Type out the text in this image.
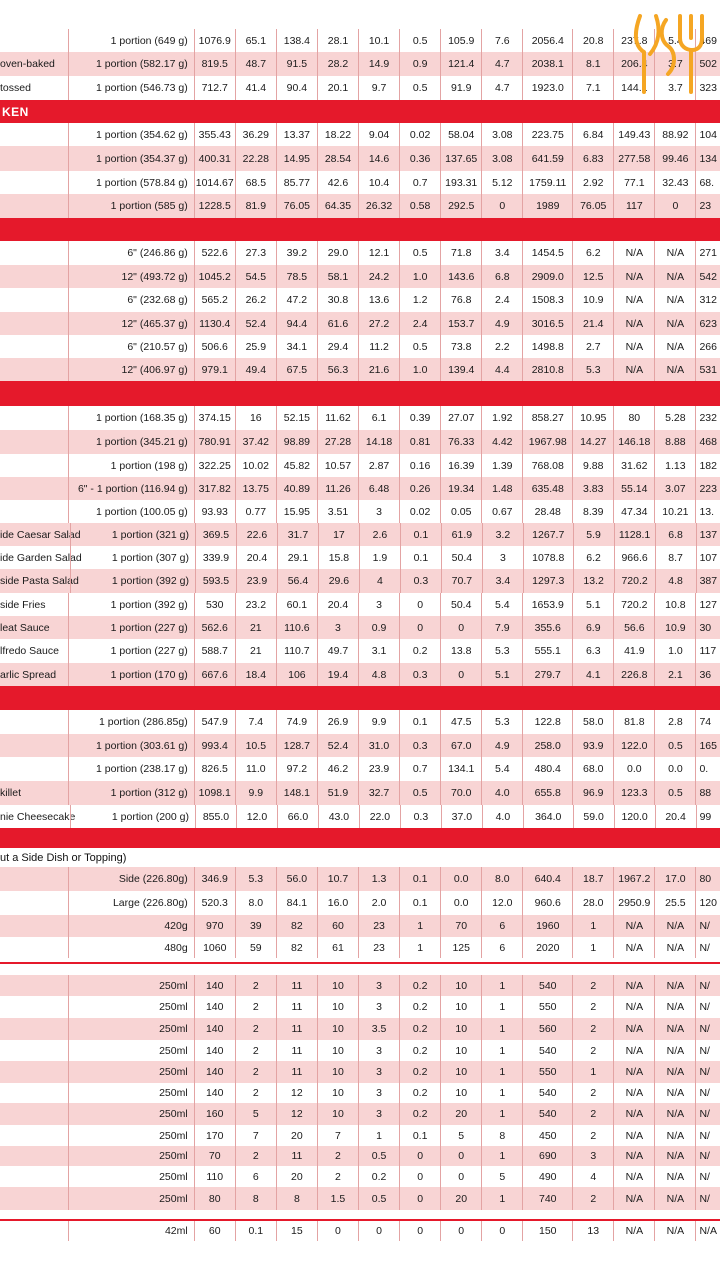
1 portion (649 g)	1076.9	65.1	138.4	28.1	10.1	0.5	105.9	7.6	2056.4	20.8	237.8	5.4	469
oven-baked	1 portion (582.17 g)	819.5	48.7	91.5	28.2	14.9	0.9	121.4	4.7	2038.1	8.1	206.4	3.7	502
tossed	1 portion (546.73 g)	712.7	41.4	90.4	20.1	9.7	0.5	91.9	4.7	1923.0	7.1	144.1	3.7	323
KEN
1 portion (354.62 g)	355.43	36.29	13.37	18.22	9.04	0.02	58.04	3.08	223.75	6.84	149.43	88.92	104
1 portion (354.37 g)	400.31	22.28	14.95	28.54	14.6	0.36	137.65	3.08	641.59	6.83	277.58	99.46	134
1 portion (578.84 g) 1014.67	68.5	85.77	42.6	10.4	0.7	193.31	5.12	1759.11	2.92	77.1	32.43	68.
1 portion (585 g)	1228.5	81.9	76.05	64.35	26.32	0.58	292.5	0	1989	76.05	117	0	23
6" (246.86 g)	522.6	27.3	39.2	29.0	12.1	0.5	71.8	3.4	1454.5	6.2	N/A	N/A	271
12" (493.72 g)	1045.2	54.5	78.5	58.1	24.2	1.0	143.6	6.8	2909.0	12.5	N/A	N/A	542
6" (232.68 g)	565.2	26.2	47.2	30.8	13.6	1.2	76.8	2.4	1508.3	10.9	N/A	N/A	312
12" (465.37 g)	1130.4	52.4	94.4	61.6	27.2	2.4	153.7	4.9	3016.5	21.4	N/A	N/A	623
6" (210.57 g)	506.6	25.9	34.1	29.4	11.2	0.5	73.8	2.2	1498.8	2.7	N/A	N/A	266
12" (406.97 g)	979.1	49.4	67.5	56.3	21.6	1.0	139.4	4.4	2810.8	5.3	N/A	N/A	531
1 portion (168.35 g)	374.15	16	52.15	11.62	6.1	0.39	27.07	1.92	858.27	10.95	80	5.28	232
1 portion (345.21 g)	780.91	37.42	98.89	27.28	14.18	0.81	76.33	4.42	1967.98	14.27	146.18	8.88	468
1 portion (198 g)	322.25	10.02	45.82	10.57	2.87	0.16	16.39	1.39	768.08	9.88	31.62	1.13	182
6" - 1 portion (116.94 g)	317.82	13.75	40.89	11.26	6.48	0.26	19.34	1.48	635.48	3.83	55.14	3.07	223
1 portion (100.05 g)	93.93	0.77	15.95	3.51	3	0.02	0.05	0.67	28.48	8.39	47.34	10.21	13.
ide Caesar Salad	1 portion (321 g)	369.5	22.6	31.7	17	2.6	0.1	61.9	3.2	1267.7	5.9	1128.1	6.8	137
ide Garden Salad	1 portion (307 g)	339.9	20.4	29.1	15.8	1.9	0.1	50.4	3	1078.8	6.2	966.6	8.7	107
side Pasta Salad	1 portion (392 g)	593.5	23.9	56.4	29.6	4	0.3	70.7	3.4	1297.3	13.2	720.2	4.8	387
side Fries	1 portion (392 g)	530	23.2	60.1	20.4	3	0	50.4	5.4	1653.9	5.1	720.2	10.8	127
leat Sauce	1 portion (227 g)	562.6	21	110.6	3	0.9	0	0	7.9	355.6	6.9	56.6	10.9	30
lfredo Sauce	1 portion (227 g)	588.7	21	110.7	49.7	3.1	0.2	13.8	5.3	555.1	6.3	41.9	1.0	117
arlic Spread	1 portion (170 g)	667.6	18.4	106	19.4	4.8	0.3	0	5.1	279.7	4.1	226.8	2.1	36
1 portion (286.85g)	547.9	7.4	74.9	26.9	9.9	0.1	47.5	5.3	122.8	58.0	81.8	2.8	74
1 portion (303.61 g)	993.4	10.5	128.7	52.4	31.0	0.3	67.0	4.9	258.0	93.9	122.0	0.5	165
1 portion (238.17 g)	826.5	11.0	97.2	46.2	23.9	0.7	134.1	5.4	480.4	68.0	0.0	0.0	0.
killet	1 portion (312 g)	1098.1	9.9	148.1	51.9	32.7	0.5	70.0	4.0	655.8	96.9	123.3	0.5	88
nie Cheesecake	1 portion (200 g)	855.0	12.0	66.0	43.0	22.0	0.3	37.0	4.0	364.0	59.0	120.0	20.4	99
ut a Side Dish or Topping)
Side (226.80g)	346.9	5.3	56.0	10.7	1.3	0.1	0.0	8.0	640.4	18.7	1967.2	17.0	80
Large (226.80g)	520.3	8.0	84.1	16.0	2.0	0.1	0.0	12.0	960.6	28.0	2950.9	25.5	120
420g	970	39	82	60	23	1	70	6	1960	1	N/A	N/A	N/
480g	1060	59	82	61	23	1	125	6	2020	1	N/A	N/A	N/
250ml	140	2	11	10	3	0.2	10	1	540	2	N/A	N/A	N/
250ml	140	2	11	10	3	0.2	10	1	550	2	N/A	N/A	N/
250ml	140	2	11	10	3.5	0.2	10	1	560	2	N/A	N/A	N/
250ml	140	2	11	10	3	0.2	10	1	540	2	N/A	N/A	N/
250ml	140	2	11	10	3	0.2	10	1	550	1	N/A	N/A	N/
250ml	140	2	12	10	3	0.2	10	1	540	2	N/A	N/A	N/
250ml	160	5	12	10	3	0.2	20	1	540	2	N/A	N/A	N/
250ml	170	7	20	7	1	0.1	5	8	450	2	N/A	N/A	N/
250ml	70	2	11	2	0.5	0	0	1	690	3	N/A	N/A	N/
250ml	110	6	20	2	0.2	0	0	5	490	4	N/A	N/A	N/
250ml	80	8	8	1.5	0.5	0	20	1	740	2	N/A	N/A	N/
42ml	60	0.1	15	0	0	0	0	0	150	13	N/A	N/A	N/A
